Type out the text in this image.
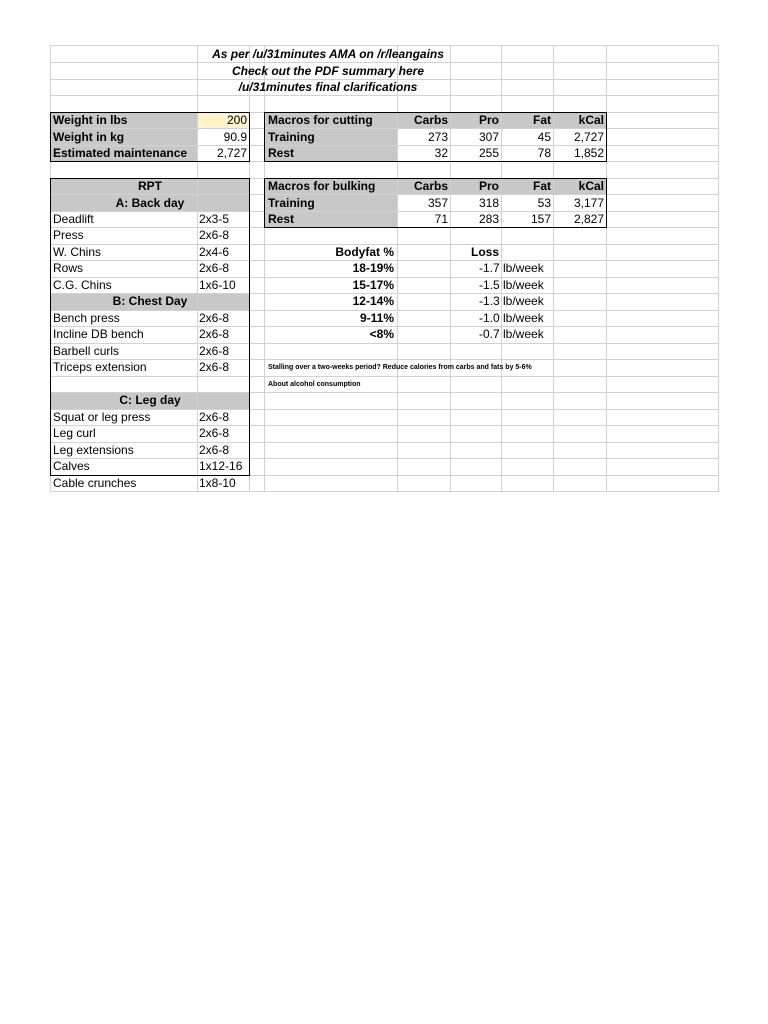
As per /u/31minutes AMA on /r/leangains
Check out the PDF summary here
/u/31minutes final clarifications
Weight in lbs	200
Weight in kg	90.9
Estimated maintenance	2,727
Macros for cutting	Carbs	Pro	Fat	kCal
Training	273	307	45	2,727
Rest	32	255	78	1,852
Macros for bulking	Carbs	Pro	Fat	kCal
Training	357	318	53	3,177
Rest	71	283	157	2,827
RPT
A: Back day
Deadlift	2x3-5
Press	2x6-8
W. Chins	2x4-6
Rows	2x6-8
C.G. Chins	1x6-10
B: Chest Day
Bench press	2x6-8
Incline DB bench	2x6-8
Barbell curls	2x6-8
Triceps extension	2x6-8
C: Leg day
Squat or leg press	2x6-8
Leg curl	2x6-8
Leg extensions	2x6-8
Calves	1x12-16
Cable crunches	1x8-10
Bodyfat %	Loss
18-19%	-1.7 lb/week
15-17%	-1.5 lb/week
12-14%	-1.3 lb/week
9-11%	-1.0 lb/week
<8%	-0.7 lb/week
Stalling over a two-weeks period? Reduce calories from carbs and fats by 5-6%
About alcohol consumption
